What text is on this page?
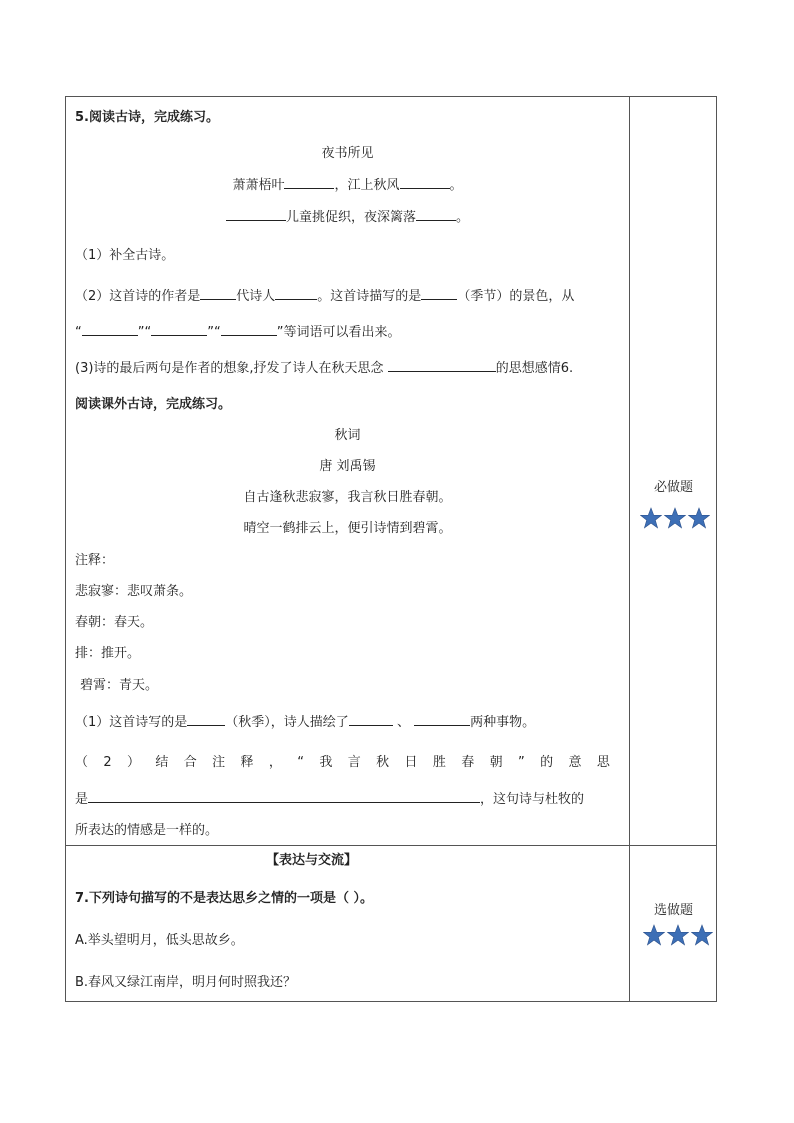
5.阅读古诗，完成练习。
夜书所见
萧萧梧叶	，江上秋风	。
儿童挑促织，夜深篱落	。
（1）补全古诗。
（2）这首诗的作者是	代诗人	。这首诗描写的是	（季节）的景色，从
“	”“	”“	”等词语可以看出来。
(3)诗的最后两句是作者的想象,抒发了诗人在秋天思念	的思想感情6.
阅读课外古诗，完成练习。
秋词
唐 刘禹锡
自古逢秋悲寂寥，我言秋日胜春朝。
晴空一鹤排云上，便引诗情到碧霄。
注释：
悲寂寥：悲叹萧条。
春朝：春天。
排：推开。
碧霄：青天。
（1）这首诗写的是	（秋季），诗人描绘了	、	两种事物。
（ 2 ） 结 合 注 释 ， “ 我 言 秋 日 胜 春 朝 ” 的 意 思
是	，这句诗与杜牧的
所表达的情感是一样的。
【表达与交流】
7.下列诗句描写的不是表达思乡之情的一项是（ ）。
A.举头望明月，低头思故乡。
B.春风又绿江南岸，明月何时照我还？
必做题
选做题
